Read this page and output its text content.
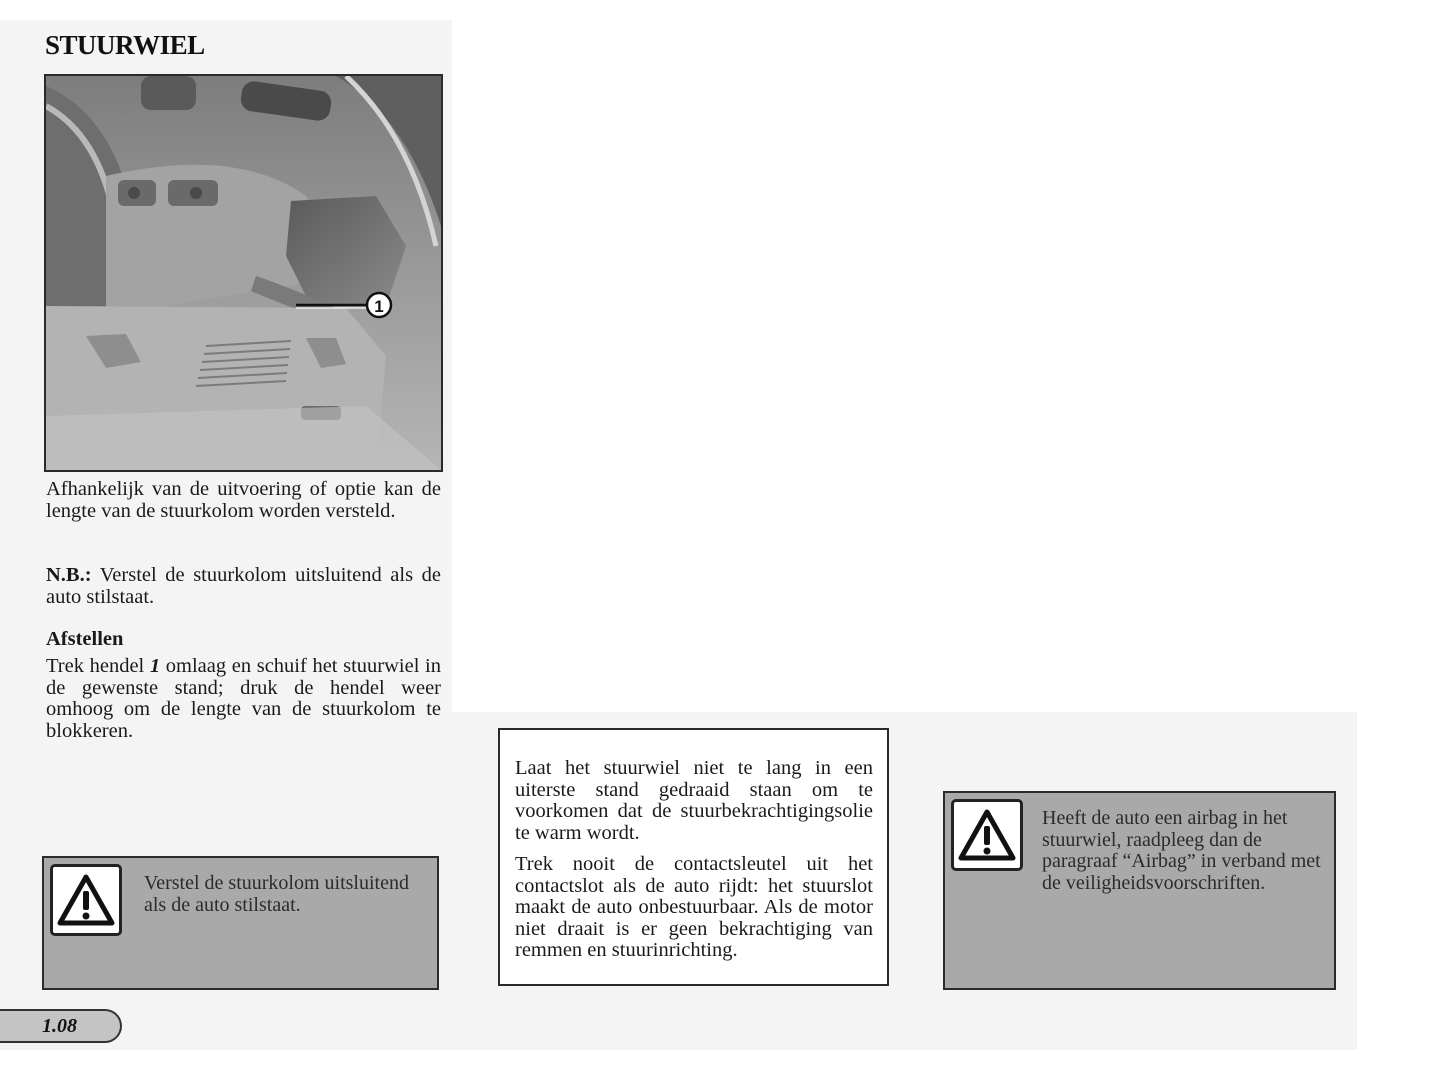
STUURWIEL
1

Afhankelijk van de uitvoering of optie kan de lengte van de stuurkolom worden versteld.

N.B.: Verstel de stuurkolom uitsluitend als de auto stilstaat.

Afstellen

Trek hendel 1 omlaag en schuif het stuurwiel in de gewenste stand; druk de hendel weer omhoog om de lengte van de stuurkolom te blokkeren.

Verstel de stuurkolom uitsluitend als de auto stilstaat.

Laat het stuurwiel niet te lang in een uiterste stand gedraaid staan om te voorkomen dat de stuurbekrachtigingsolie te warm wordt.

Trek nooit de contactsleutel uit het contactslot als de auto rijdt: het stuurslot maakt de auto onbestuurbaar. Als de motor niet draait is er geen bekrachtiging van remmen en stuurinrichting.

Heeft de auto een airbag in het stuurwiel, raadpleeg dan de paragraaf “Airbag” in verband met de veiligheidsvoorschriften.

1.08
